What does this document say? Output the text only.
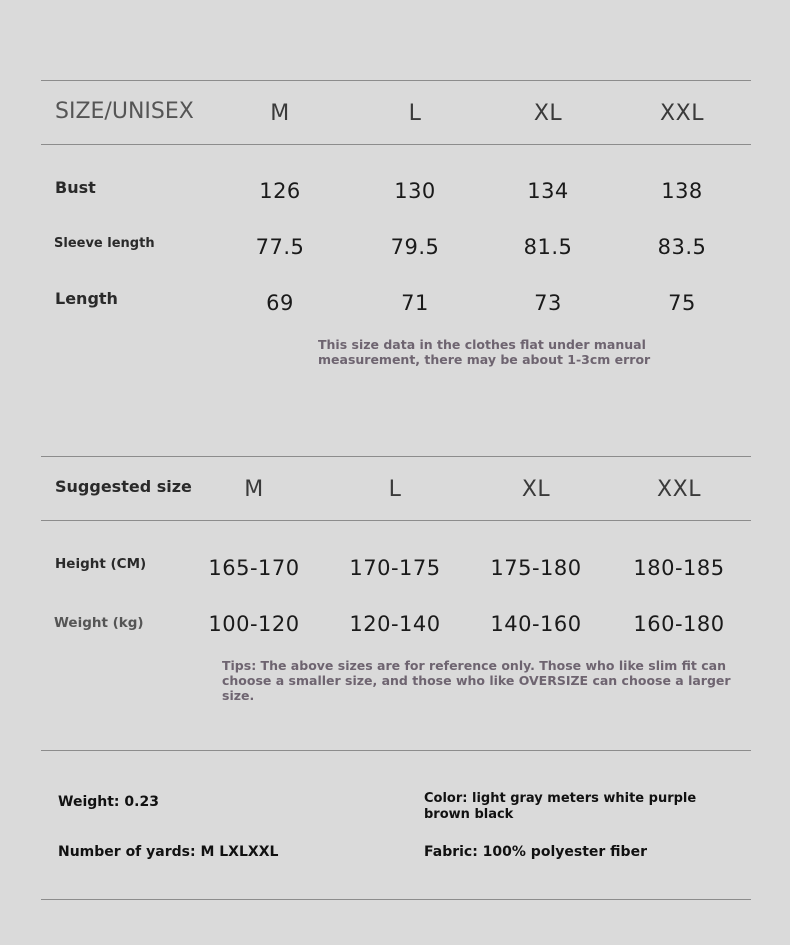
SIZE/UNISEX	M	L	XL	XXL
Bust	126	130	134	138
Sleeve length	77.5	79.5	81.5	83.5
Length	69	71	73	75
This size data in the clothes flat under manual measurement, there may be about 1-3cm error
Suggested size M	L	XL	XXL
Height (CM)	165-170 170-175 175-180 180-185
Weight (kg)	100-120 120-140 140-160 160-180
Tips: The above sizes are for reference only. Those who like slim fit can choose a smaller size, and those who like OVERSIZE can choose a larger size.
Weight: 0.23
Number of yards: M LXLXXL
Color: light gray meters white purple brown black
Fabric: 100% polyester fiber
